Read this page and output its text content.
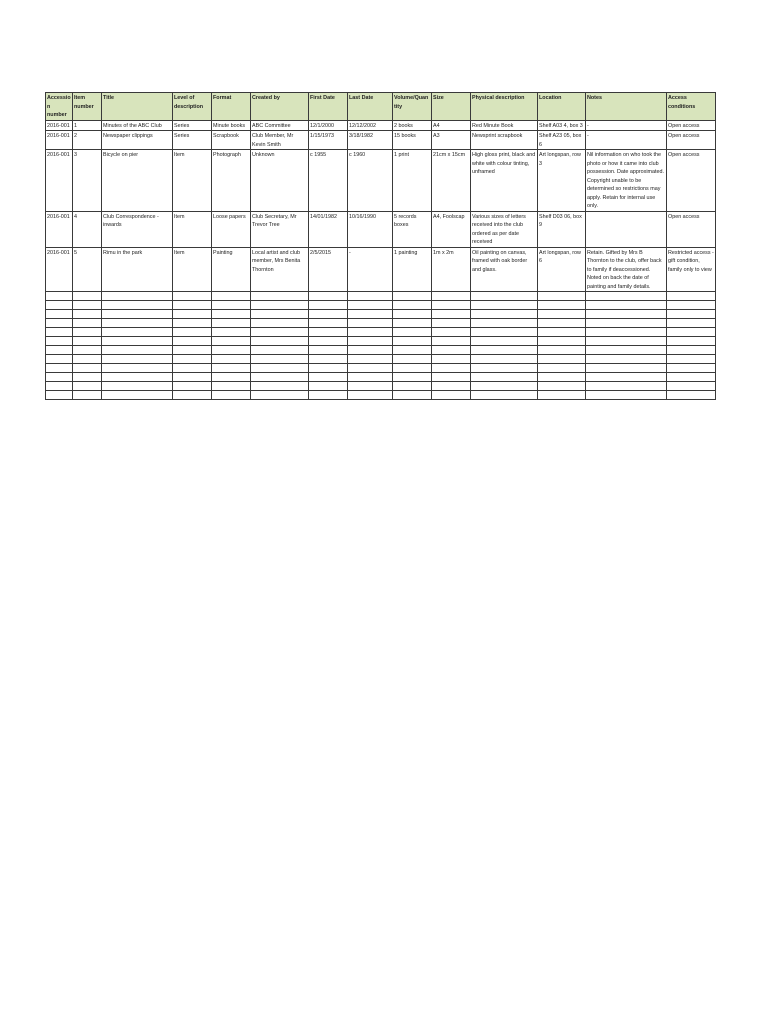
Accession number	Item number	Title	Level of description	Format	Created by	First Date	Last Date	Volume/Quantity	Size	Physical description	Location	Notes	Access conditions
2016-001	1	Minutes of the ABC Club	Series	Minute books	ABC Committee	12/1/2000	12/12/2002	2 books	A4	Red Minute Book	Shelf A03 4, box 3	-	Open access
2016-001	2	Newspaper clippings	Series	Scrapbook	Club Member, Mr Kevin Smith	1/15/1973	3/18/1982	15 books	A3	Newsprint scrapbook	Shelf A23 05, box 6	-	Open access
2016-001	3	Bicycle on pier	Item	Photograph	Unknown	c 1955	c 1960	1 print	21cm x 15cm	High gloss print, black and white with colour tinting, unframed	Art longspan, row 3	Nil information on who took the photo or how it came into club possession. Date approximated. Copyright unable to be determined so restrictions may apply. Retain for internal use only.	Open access
2016-001	4	Club Correspondence - inwards	Item	Loose papers	Club Secretary, Mr Trevor Tree	14/01/1982	10/16/1990	5 records boxes	A4, Foolscap	Various sizes of letters received into the club ordered as per date received	Shelf D03 06, box 9		Open access
2016-001	5	Rimu in the park	Item	Painting	Local artist and club member, Mrs Benita Thornton	2/5/2015	-	1 painting	1m x 2m	Oil painting on canvas, framed with oak border and glass.	Art longspan, row 6	Retain. Gifted by Mrs B Thornton to the club, offer back to family if deaccessioned. Noted on back the date of painting and family details.	Restricted access - gift condition, family only to view
